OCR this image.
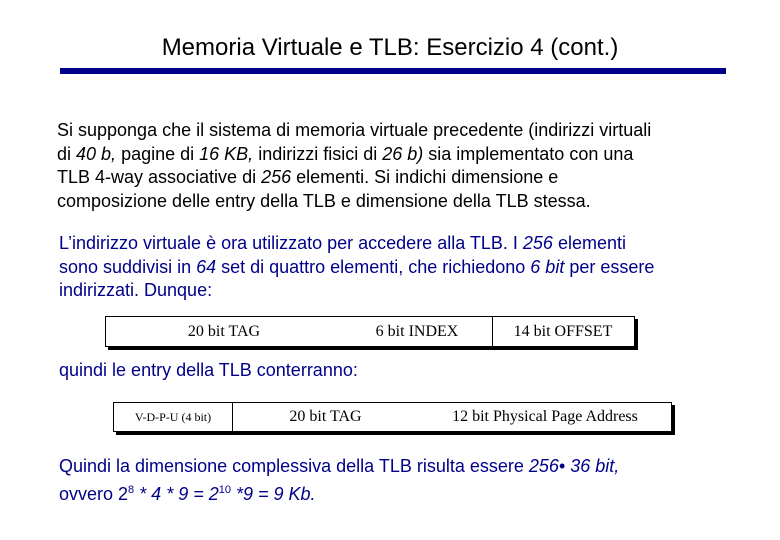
Memoria Virtuale e TLB: Esercizio 4 (cont.)
Si supponga che il sistema di memoria virtuale precedente (indirizzi virtuali
di 40 b, pagine di 16 KB, indirizzi fisici di 26 b) sia implementato con una
TLB 4-way associative di 256 elementi. Si indichi dimensione e
composizione delle entry della TLB e dimensione della TLB stessa.
L’indirizzo virtuale è ora utilizzato per accedere alla TLB. I 256 elementi
sono suddivisi in 64 set di quattro elementi, che richiedono 6 bit per essere
indirizzati. Dunque:
20 bit TAG	6 bit INDEX	14 bit OFFSET
quindi le entry della TLB conterranno:
V-D-P-U (4 bit)	20 bit TAG	12 bit Physical Page Address
Quindi la dimensione complessiva della TLB risulta essere 256• 36 bit,
ovvero $2^8 * 4 * 9 = 2^{10}$ *9 = 9 Kb.
